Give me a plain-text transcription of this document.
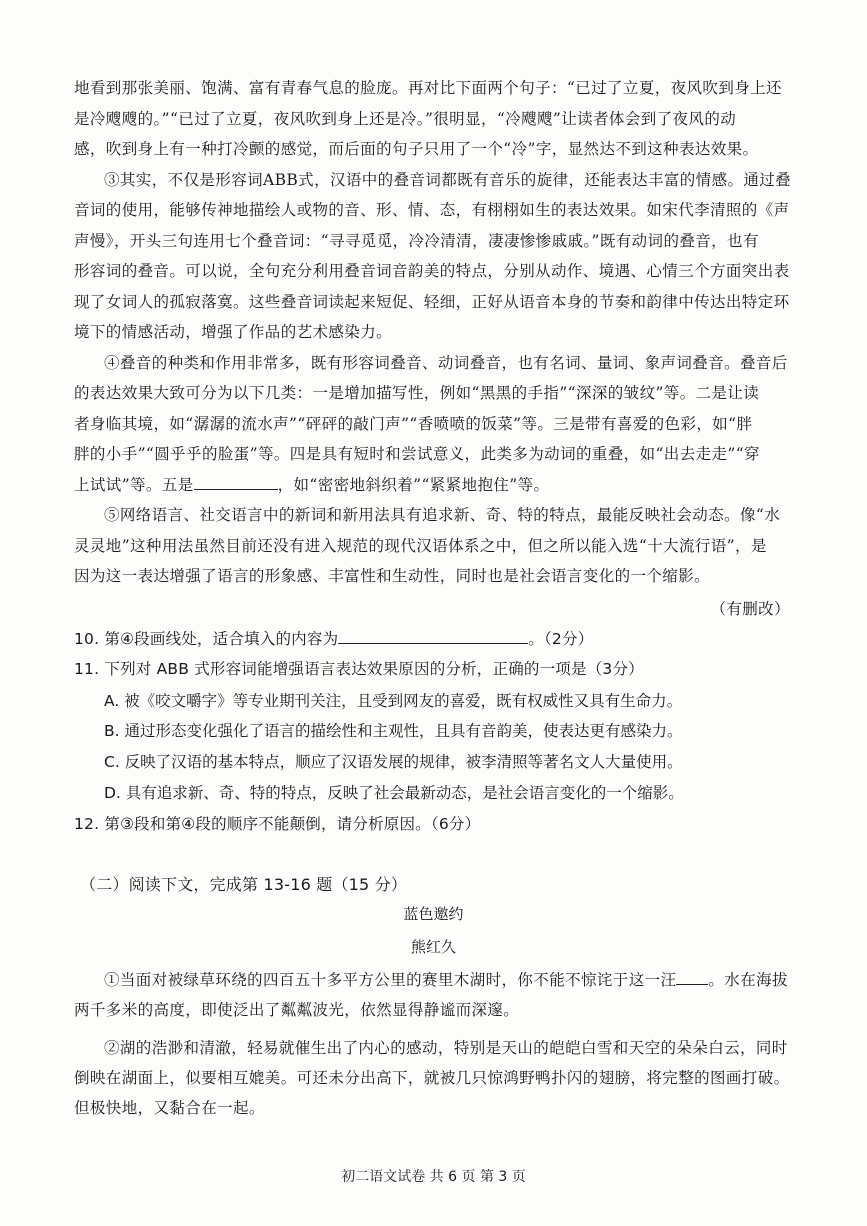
地看到那张美丽、饱满、富有青春气息的脸庞。再对比下面两个句子：“已过了立夏，夜风吹到身上还
是冷飕飕的。”“已过了立夏，夜风吹到身上还是冷。”很明显，“冷飕飕”让读者体会到了夜风的动
感，吹到身上有一种打冷颤的感觉，而后面的句子只用了一个“冷”字，显然达不到这种表达效果。
③其实，不仅是形容词ABB式，汉语中的叠音词都既有音乐的旋律，还能表达丰富的情感。通过叠
音词的使用，能够传神地描绘人或物的音、形、情、态，有栩栩如生的表达效果。如宋代李清照的《声
声慢》，开头三句连用七个叠音词：“寻寻觅觅，冷冷清清，凄凄惨惨戚戚。”既有动词的叠音，也有
形容词的叠音。可以说，全句充分利用叠音词音韵美的特点，分别从动作、境遇、心情三个方面突出表
现了女词人的孤寂落寞。这些叠音词读起来短促、轻细，正好从语音本身的节奏和韵律中传达出特定环
境下的情感活动，增强了作品的艺术感染力。
④叠音的种类和作用非常多，既有形容词叠音、动词叠音，也有名词、量词、象声词叠音。叠音后
的表达效果大致可分为以下几类：一是增加描写性，例如“黑黑的手指”“深深的皱纹”等。二是让读
者身临其境，如“潺潺的流水声”“砰砰的敲门声”“香喷喷的饭菜”等。三是带有喜爱的色彩，如“胖
胖的小手”“圆乎乎的脸蛋”等。四是具有短时和尝试意义，此类多为动词的重叠，如“出去走走”“穿
上试试”等。五是	，如“密密地斜织着”“紧紧地抱住”等。
⑤网络语言、社交语言中的新词和新用法具有追求新、奇、特的特点，最能反映社会动态。像“水
灵灵地”这种用法虽然目前还没有进入规范的现代汉语体系之中，但之所以能入选“十大流行语”，是
因为这一表达增强了语言的形象感、丰富性和生动性，同时也是社会语言变化的一个缩影。
（有删改）
10. 第④段画线处，适合填入的内容为	。（2分）
11. 下列对 ABB 式形容词能增强语言表达效果原因的分析，正确的一项是（3分）
A. 被《咬文嚼字》等专业期刊关注，且受到网友的喜爱，既有权威性又具有生命力。
B. 通过形态变化强化了语言的描绘性和主观性，且具有音韵美，使表达更有感染力。
C. 反映了汉语的基本特点，顺应了汉语发展的规律，被李清照等著名文人大量使用。
D. 具有追求新、奇、特的特点，反映了社会最新动态，是社会语言变化的一个缩影。
12. 第③段和第④段的顺序不能颠倒，请分析原因。（6分）
（二）阅读下文，完成第 13-16 题（15 分）
蓝色邀约
熊红久
①当面对被绿草环绕的四百五十多平方公里的赛里木湖时，你不能不惊诧于这一汪 。水在海拔
两千多米的高度，即使泛出了粼粼波光，依然显得静谧而深邃。
②湖的浩渺和清澈，轻易就催生出了内心的感动，特别是天山的皑皑白雪和天空的朵朵白云，同时
倒映在湖面上，似要相互媲美。可还未分出高下，就被几只惊鸿野鸭扑闪的翅膀，将完整的图画打破。
但极快地，又黏合在一起。
初二语文试卷 共 6 页 第 3 页
